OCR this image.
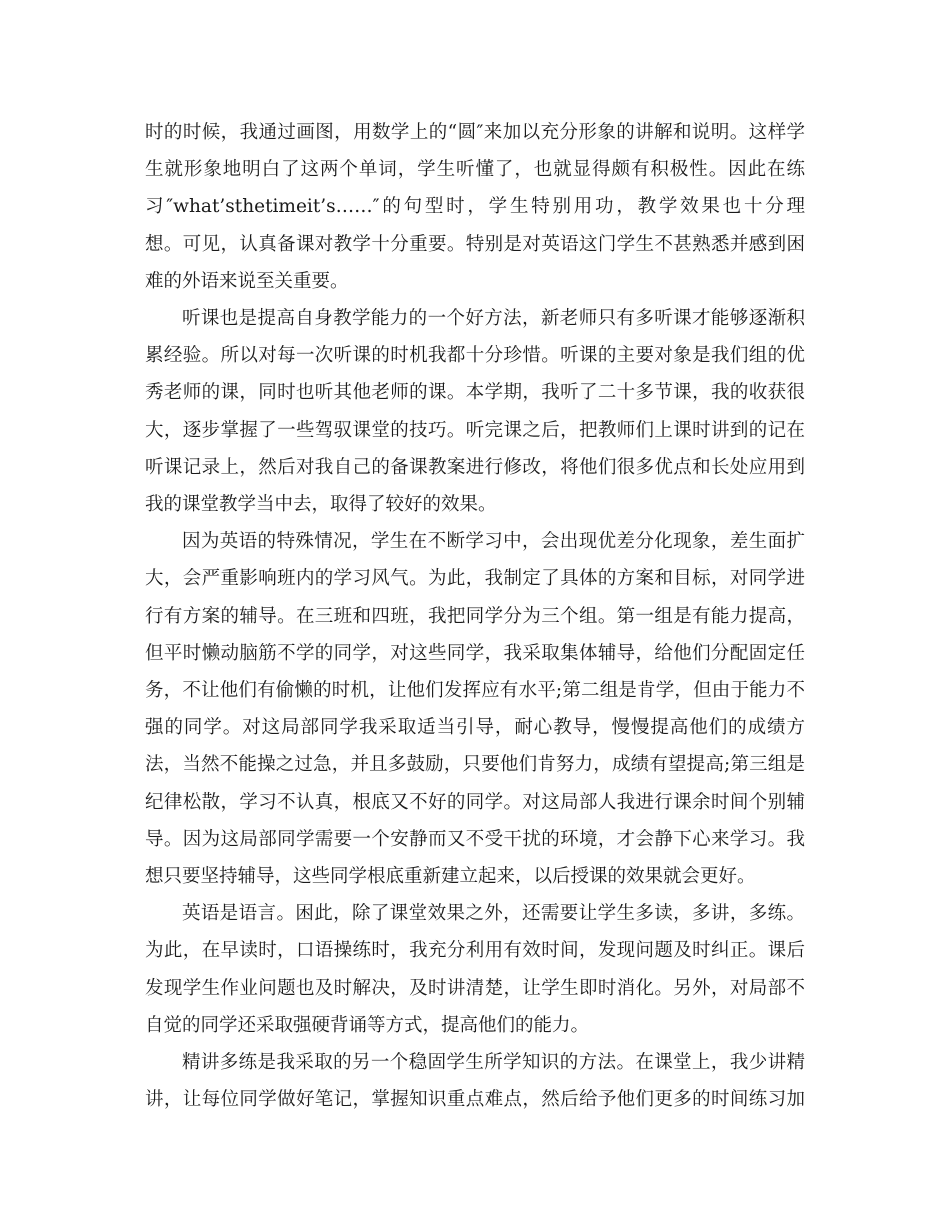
时的时候，我通过画图，用数学上的“圆″来加以充分形象的讲解和说明。这样学
生就形象地明白了这两个单词，学生听懂了，也就显得颇有积极性。因此在练
习″what’sthetimeit’s……″的句型时，学生特别用功，教学效果也十分理
想。可见，认真备课对教学十分重要。特别是对英语这门学生不甚熟悉并感到困
难的外语来说至关重要。
听课也是提高自身教学能力的一个好方法，新老师只有多听课才能够逐渐积
累经验。所以对每一次听课的时机我都十分珍惜。听课的主要对象是我们组的优
秀老师的课，同时也听其他老师的课。本学期，我听了二十多节课，我的收获很
大，逐步掌握了一些驾驭课堂的技巧。听完课之后，把教师们上课时讲到的记在
听课记录上，然后对我自己的备课教案进行修改，将他们很多优点和长处应用到
我的课堂教学当中去，取得了较好的效果。
因为英语的特殊情况，学生在不断学习中，会出现优差分化现象，差生面扩
大，会严重影响班内的学习风气。为此，我制定了具体的方案和目标，对同学进
行有方案的辅导。在三班和四班，我把同学分为三个组。第一组是有能力提高，
但平时懒动脑筋不学的同学，对这些同学，我采取集体辅导，给他们分配固定任
务，不让他们有偷懒的时机，让他们发挥应有水平;第二组是肯学，但由于能力不
强的同学。对这局部同学我采取适当引导，耐心教导，慢慢提高他们的成绩方
法，当然不能操之过急，并且多鼓励，只要他们肯努力，成绩有望提高;第三组是
纪律松散，学习不认真，根底又不好的同学。对这局部人我进行课余时间个别辅
导。因为这局部同学需要一个安静而又不受干扰的环境，才会静下心来学习。我
想只要坚持辅导，这些同学根底重新建立起来，以后授课的效果就会更好。
英语是语言。困此，除了课堂效果之外，还需要让学生多读，多讲，多练。
为此，在早读时，口语操练时，我充分利用有效时间，发现问题及时纠正。课后
发现学生作业问题也及时解决，及时讲清楚，让学生即时消化。另外，对局部不
自觉的同学还采取强硬背诵等方式，提高他们的能力。
精讲多练是我采取的另一个稳固学生所学知识的方法。在课堂上，我少讲精
讲，让每位同学做好笔记，掌握知识重点难点，然后给予他们更多的时间练习加
